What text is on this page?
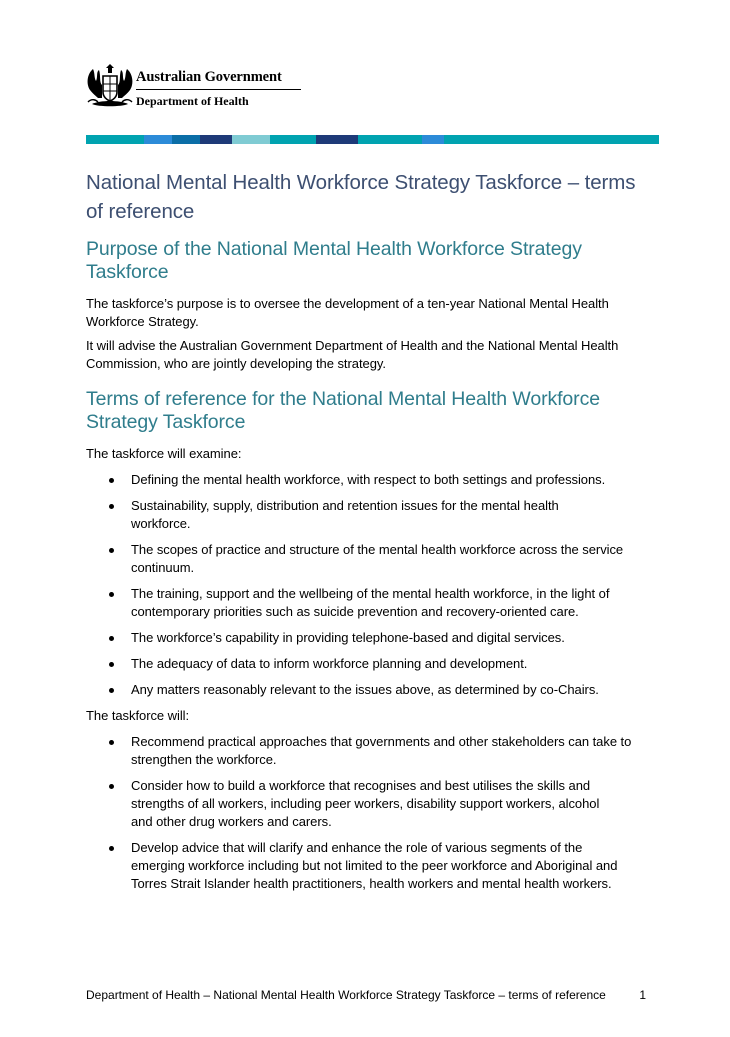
Australian Government
Department of Health
National Mental Health Workforce Strategy Taskforce – terms of reference
Purpose of the National Mental Health Workforce Strategy Taskforce

The taskforce’s purpose is to oversee the development of a ten-year National Mental Health Workforce Strategy.

It will advise the Australian Government Department of Health and the National Mental Health Commission, who are jointly developing the strategy.

Terms of reference for the National Mental Health Workforce Strategy Taskforce

The taskforce will examine:

Defining the mental health workforce, with respect to both settings and professions.
Sustainability, supply, distribution and retention issues for the mental health workforce.
The scopes of practice and structure of the mental health workforce across the service continuum.
The training, support and the wellbeing of the mental health workforce, in the light of contemporary priorities such as suicide prevention and recovery-oriented care.
The workforce’s capability in providing telephone-based and digital services.
The adequacy of data to inform workforce planning and development.
Any matters reasonably relevant to the issues above, as determined by co-Chairs.

The taskforce will:

Recommend practical approaches that governments and other stakeholders can take to strengthen the workforce.
Consider how to build a workforce that recognises and best utilises the skills and strengths of all workers, including peer workers, disability support workers, alcohol and other drug workers and carers.
Develop advice that will clarify and enhance the role of various segments of the emerging workforce including but not limited to the peer workforce and Aboriginal and Torres Strait Islander health practitioners, health workers and mental health workers.
Department of Health – National Mental Health Workforce Strategy Taskforce – terms of reference	1
